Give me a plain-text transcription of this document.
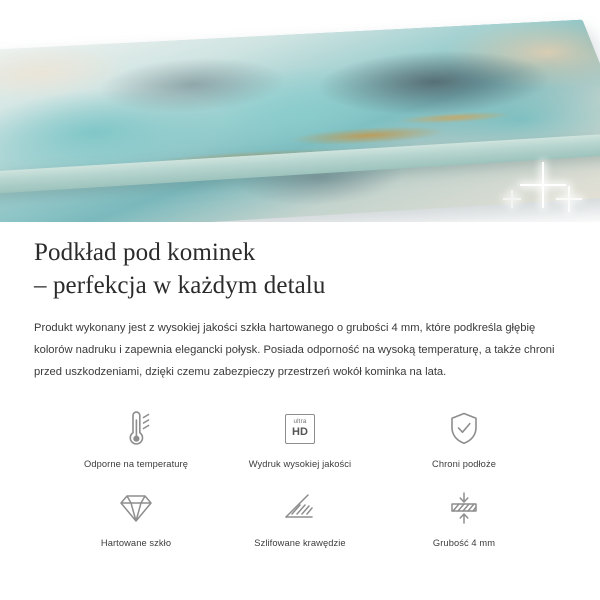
Podkład pod kominek
– perfekcja w każdym detalu

Produkt wykonany jest z wysokiej jakości szkła hartowanego o grubości 4 mm, które podkreśla głębię kolorów nadruku i zapewnia elegancki połysk. Posiada odporność na wysoką temperaturę, a także chroni przed uszkodzeniami, dzięki czemu zabezpieczy przestrzeń wokół kominka na lata.

Odporne na temperaturę
ultra
HD
Wydruk wysokiej jakości	Chroni podłoże
Hartowane szkło	Szlifowane krawędzie	Grubość 4 mm
